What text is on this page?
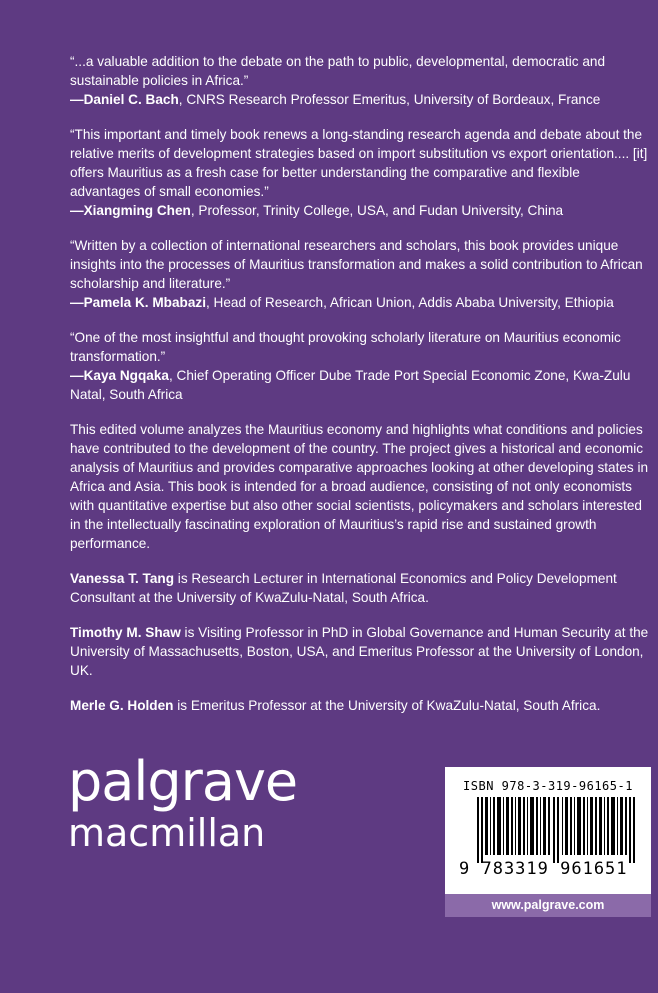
“...a valuable addition to the debate on the path to public, developmental, democratic and sustainable policies in Africa.”

—Daniel C. Bach, CNRS Research Professor Emeritus, University of Bordeaux, France

“This important and timely book renews a long-standing research agenda and debate about the relative merits of development strategies based on import substitution vs export orientation.... [it] offers Mauritius as a fresh case for better understanding the comparative and flexible advantages of small economies.”

—Xiangming Chen, Professor, Trinity College, USA, and Fudan University, China

“Written by a collection of international researchers and scholars, this book provides unique insights into the processes of Mauritius transformation and makes a solid contribution to African scholarship and literature.”

—Pamela K. Mbabazi, Head of Research, African Union, Addis Ababa University, Ethiopia

“One of the most insightful and thought provoking scholarly literature on Mauritius economic transformation.”

—Kaya Ngqaka, Chief Operating Officer Dube Trade Port Special Economic Zone, Kwa-Zulu Natal, South Africa

This edited volume analyzes the Mauritius economy and highlights what conditions and policies have contributed to the development of the country. The project gives a historical and economic analysis of Mauritius and provides comparative approaches looking at other developing states in Africa and Asia. This book is intended for a broad audience, consisting of not only economists with quantitative expertise but also other social scientists, policymakers and scholars interested in the intellectually fascinating exploration of Mauritius’s rapid rise and sustained growth performance.

Vanessa T. Tang is Research Lecturer in International Economics and Policy Development Consultant at the University of KwaZulu-Natal, South Africa.

Timothy M. Shaw is Visiting Professor in PhD in Global Governance and Human Security at the University of Massachusetts, Boston, USA, and Emeritus Professor at the University of London, UK.

Merle G. Holden is Emeritus Professor at the University of KwaZulu-Natal, South Africa.

palgrave
macmillan
ISBN 978-3-319-96165-1
9 783319 961651
www.palgrave.com
